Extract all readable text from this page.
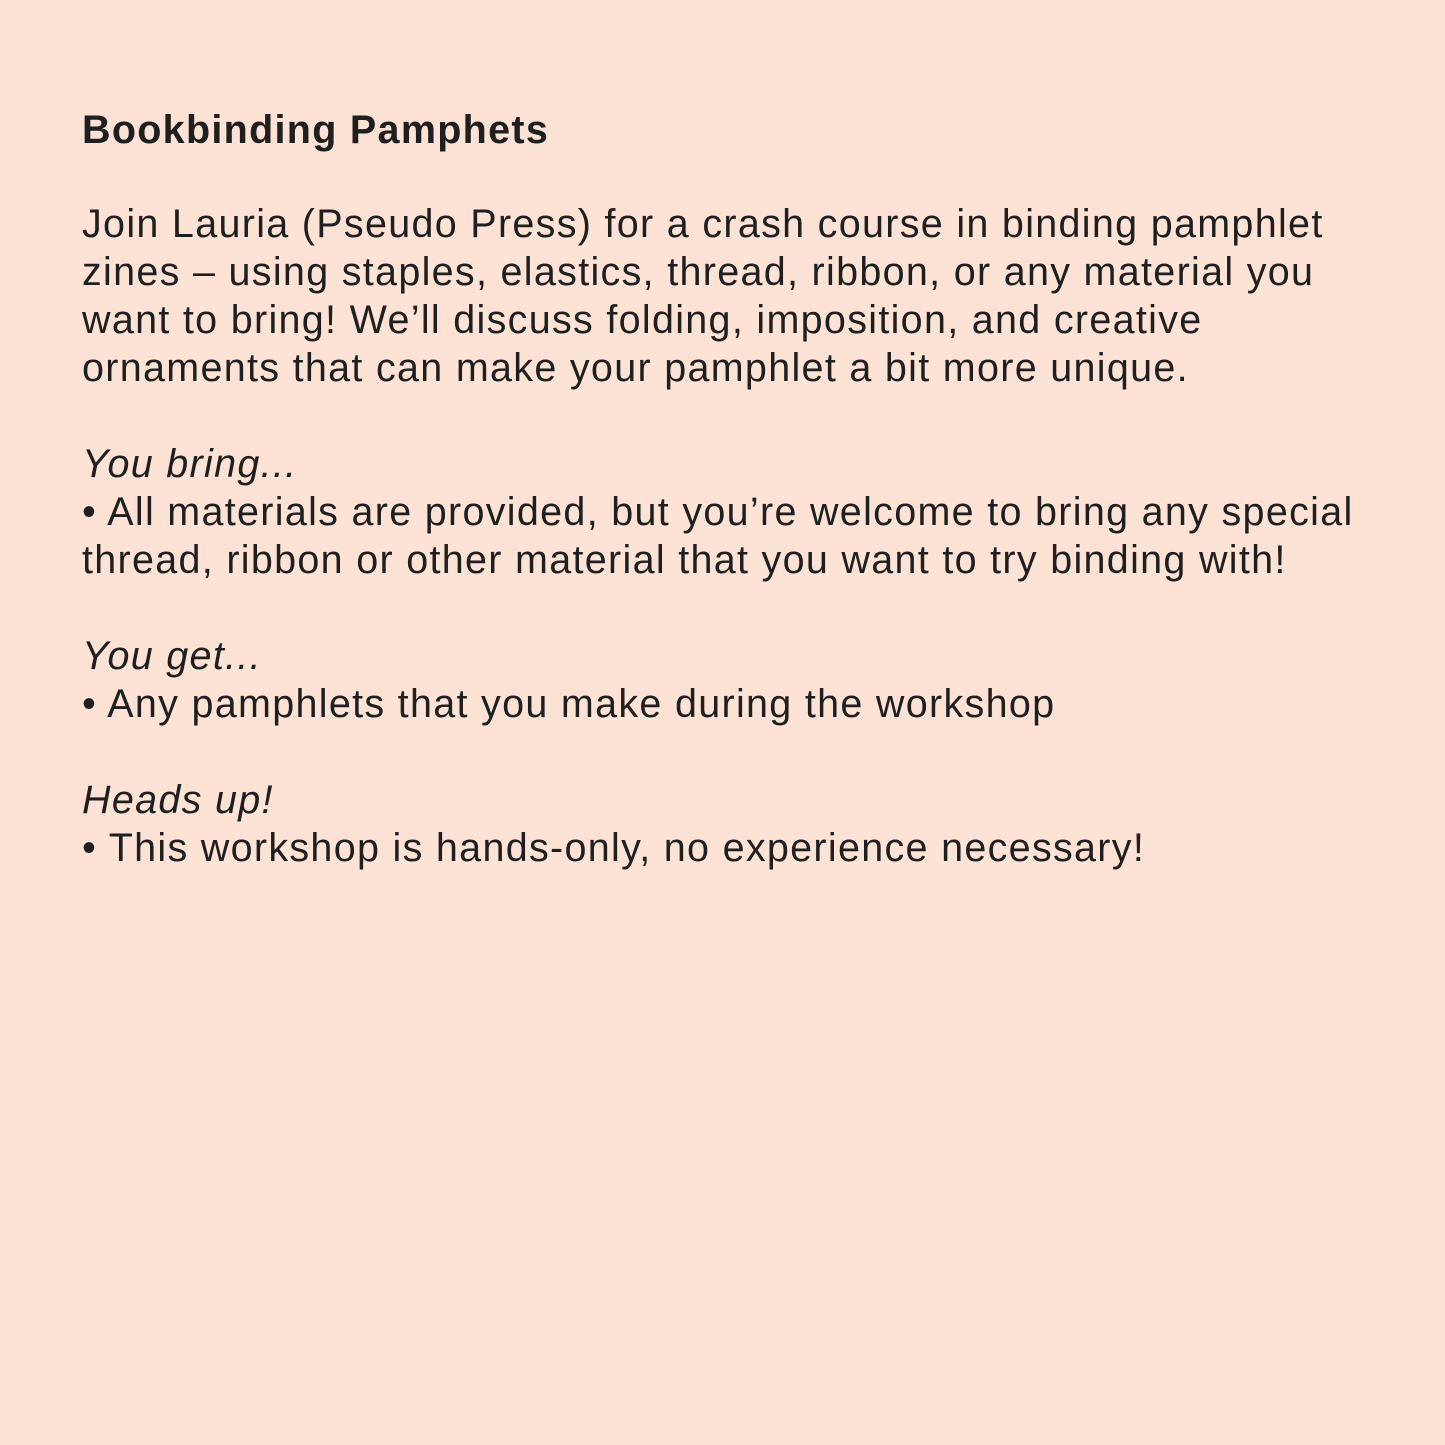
Bookbinding Pamphets
Join Lauria (Pseudo Press) for a crash course in binding pamphlet zines – using staples, elastics, thread, ribbon, or any material you want to bring! We’ll discuss folding, imposition, and creative ornaments that can make your pamphlet a bit more unique.
You bring...
• All materials are provided, but you’re welcome to bring any special thread, ribbon or other material that you want to try binding with!
You get...
• Any pamphlets that you make during the workshop
Heads up!
• This workshop is hands-only, no experience necessary!
